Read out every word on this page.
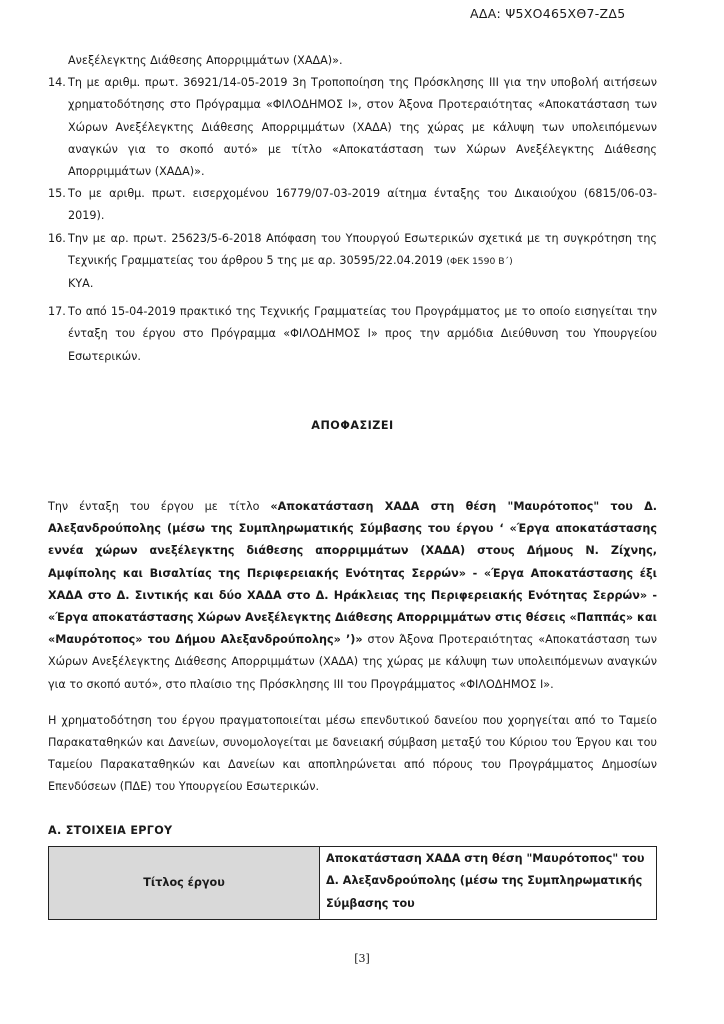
ΑΔΑ: Ψ5ΧΟ465ΧΘ7-ΖΔ5
Ανεξέλεγκτης Διάθεσης Απορριμμάτων (ΧΑΔΑ)».
14. Τη με αριθμ. πρωτ. 36921/14-05-2019 3η Τροποποίηση της Πρόσκλησης ΙΙΙ για την υποβολή αιτήσεων χρηματοδότησης στο Πρόγραμμα «ΦΙΛΟΔΗΜΟΣ Ι», στον Άξονα Προτεραιότητας «Αποκατάσταση των Χώρων Ανεξέλεγκτης Διάθεσης Απορριμμάτων (ΧΑΔΑ) της χώρας με κάλυψη των υπολειπόμενων αναγκών για το σκοπό αυτό» με τίτλο «Αποκατάσταση των Χώρων Ανεξέλεγκτης Διάθεσης Απορριμμάτων (ΧΑΔΑ)».
15. Το με αριθμ. πρωτ. εισερχομένου 16779/07-03-2019 αίτημα ένταξης του Δικαιούχου (6815/06-03-2019).
16. Την με αρ. πρωτ. 25623/5-6-2018 Απόφαση του Υπουργού Εσωτερικών σχετικά με τη συγκρότηση της Τεχνικής Γραμματείας του άρθρου 5 της με αρ. 30595/22.04.2019 (ΦΕΚ 1590 Β΄)
ΚΥΑ.
17. Το από 15-04-2019 πρακτικό της Τεχνικής Γραμματείας του Προγράμματος με το οποίο εισηγείται την ένταξη του έργου στο Πρόγραμμα «ΦΙΛΟΔΗΜΟΣ Ι» προς την αρμόδια Διεύθυνση του Υπουργείου Εσωτερικών.
ΑΠΟΦΑΣΙΖΕΙ
Την ένταξη του έργου με τίτλο «Αποκατάσταση ΧΑΔΑ στη θέση "Μαυρότοπος" του Δ. Αλεξανδρούπολης (μέσω της Συμπληρωματικής Σύμβασης του έργου ‘ «Έργα αποκατάστασης εννέα χώρων ανεξέλεγκτης διάθεσης απορριμμάτων (ΧΑΔΑ) στους Δήμους Ν. Ζίχνης, Αμφίπολης και Βισαλτίας της Περιφερειακής Ενότητας Σερρών» - «Έργα Αποκατάστασης έξι ΧΑΔΑ στο Δ. Σιντικής και δύο ΧΑΔΑ στο Δ. Ηράκλειας της Περιφερειακής Ενότητας Σερρών» - «Έργα αποκατάστασης Χώρων Ανεξέλεγκτης Διάθεσης Απορριμμάτων στις θέσεις «Παππάς» και «Μαυρότοπος» του Δήμου Αλεξανδρούπολης» ’)» στον Άξονα Προτεραιότητας «Αποκατάσταση των Χώρων Ανεξέλεγκτης Διάθεσης Απορριμμάτων (ΧΑΔΑ) της χώρας με κάλυψη των υπολειπόμενων αναγκών για το σκοπό αυτό», στο πλαίσιο της Πρόσκλησης ΙΙΙ του Προγράμματος «ΦΙΛΟΔΗΜΟΣ Ι».
Η χρηματοδότηση του έργου πραγματοποιείται μέσω επενδυτικού δανείου που χορηγείται από το Ταμείο Παρακαταθηκών και Δανείων, συνομολογείται με δανειακή σύμβαση μεταξύ του Κύριου του Έργου και του Ταμείου Παρακαταθηκών και Δανείων και αποπληρώνεται από πόρους του Προγράμματος Δημοσίων Επενδύσεων (ΠΔΕ) του Υπουργείου Εσωτερικών.
Α. ΣΤΟΙΧΕΙΑ ΕΡΓΟΥ
Τίτλος έργου	Αποκατάσταση ΧΑΔΑ στη θέση "Μαυρότοπος" του Δ. Αλεξανδρούπολης (μέσω της Συμπληρωματικής Σύμβασης του
[3]
